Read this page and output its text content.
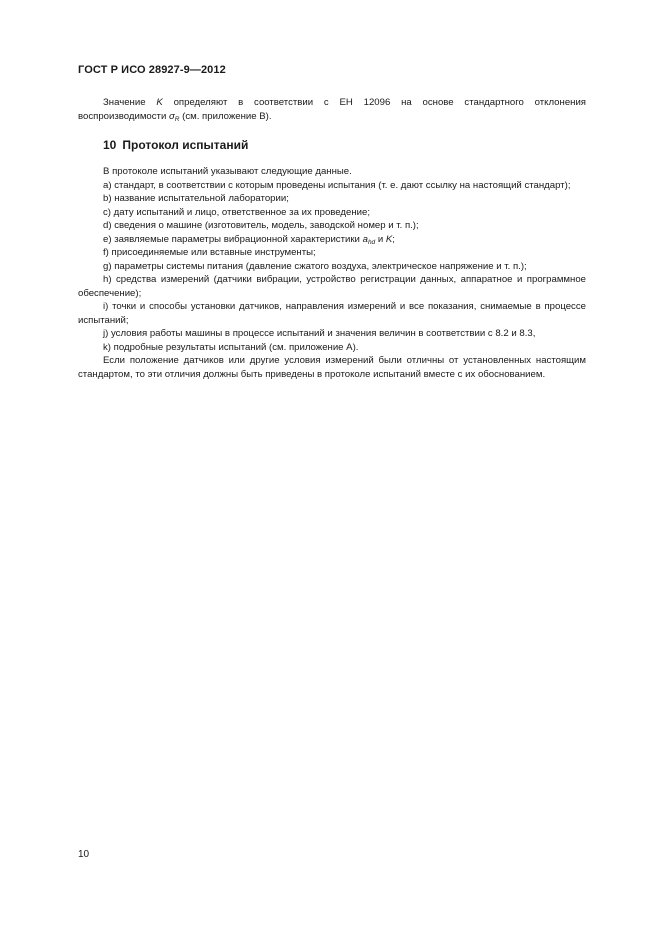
ГОСТ Р ИСО 28927-9—2012

Значение K определяют в соответствии с ЕН 12096 на основе стандартного отклонения воспроизводимости $\sigma_R$ (см. приложение В).

10 Протокол испытаний

В протоколе испытаний указывают следующие данные.

a) стандарт, в соответствии с которым проведены испытания (т. е. дают ссылку на настоящий стандарт);

b) название испытательной лаборатории;

c) дату испытаний и лицо, ответственное за их проведение;

d) сведения о машине (изготовитель, модель, заводской номер и т. п.);

e) заявляемые параметры вибрационной характеристики $a_{hd}$ и K;

f) присоединяемые или вставные инструменты;

g) параметры системы питания (давление сжатого воздуха, электрическое напряжение и т. п.);

h) средства измерений (датчики вибрации, устройство регистрации данных, аппаратное и программное обеспечение);

i) точки и способы установки датчиков, направления измерений и все показания, снимаемые в процессе испытаний;

j) условия работы машины в процессе испытаний и значения величин в соответствии с 8.2 и 8.3,

k) подробные результаты испытаний (см. приложение А).

Если положение датчиков или другие условия измерений были отличны от установленных настоящим стандартом, то эти отличия должны быть приведены в протоколе испытаний вместе с их обоснованием.

10
